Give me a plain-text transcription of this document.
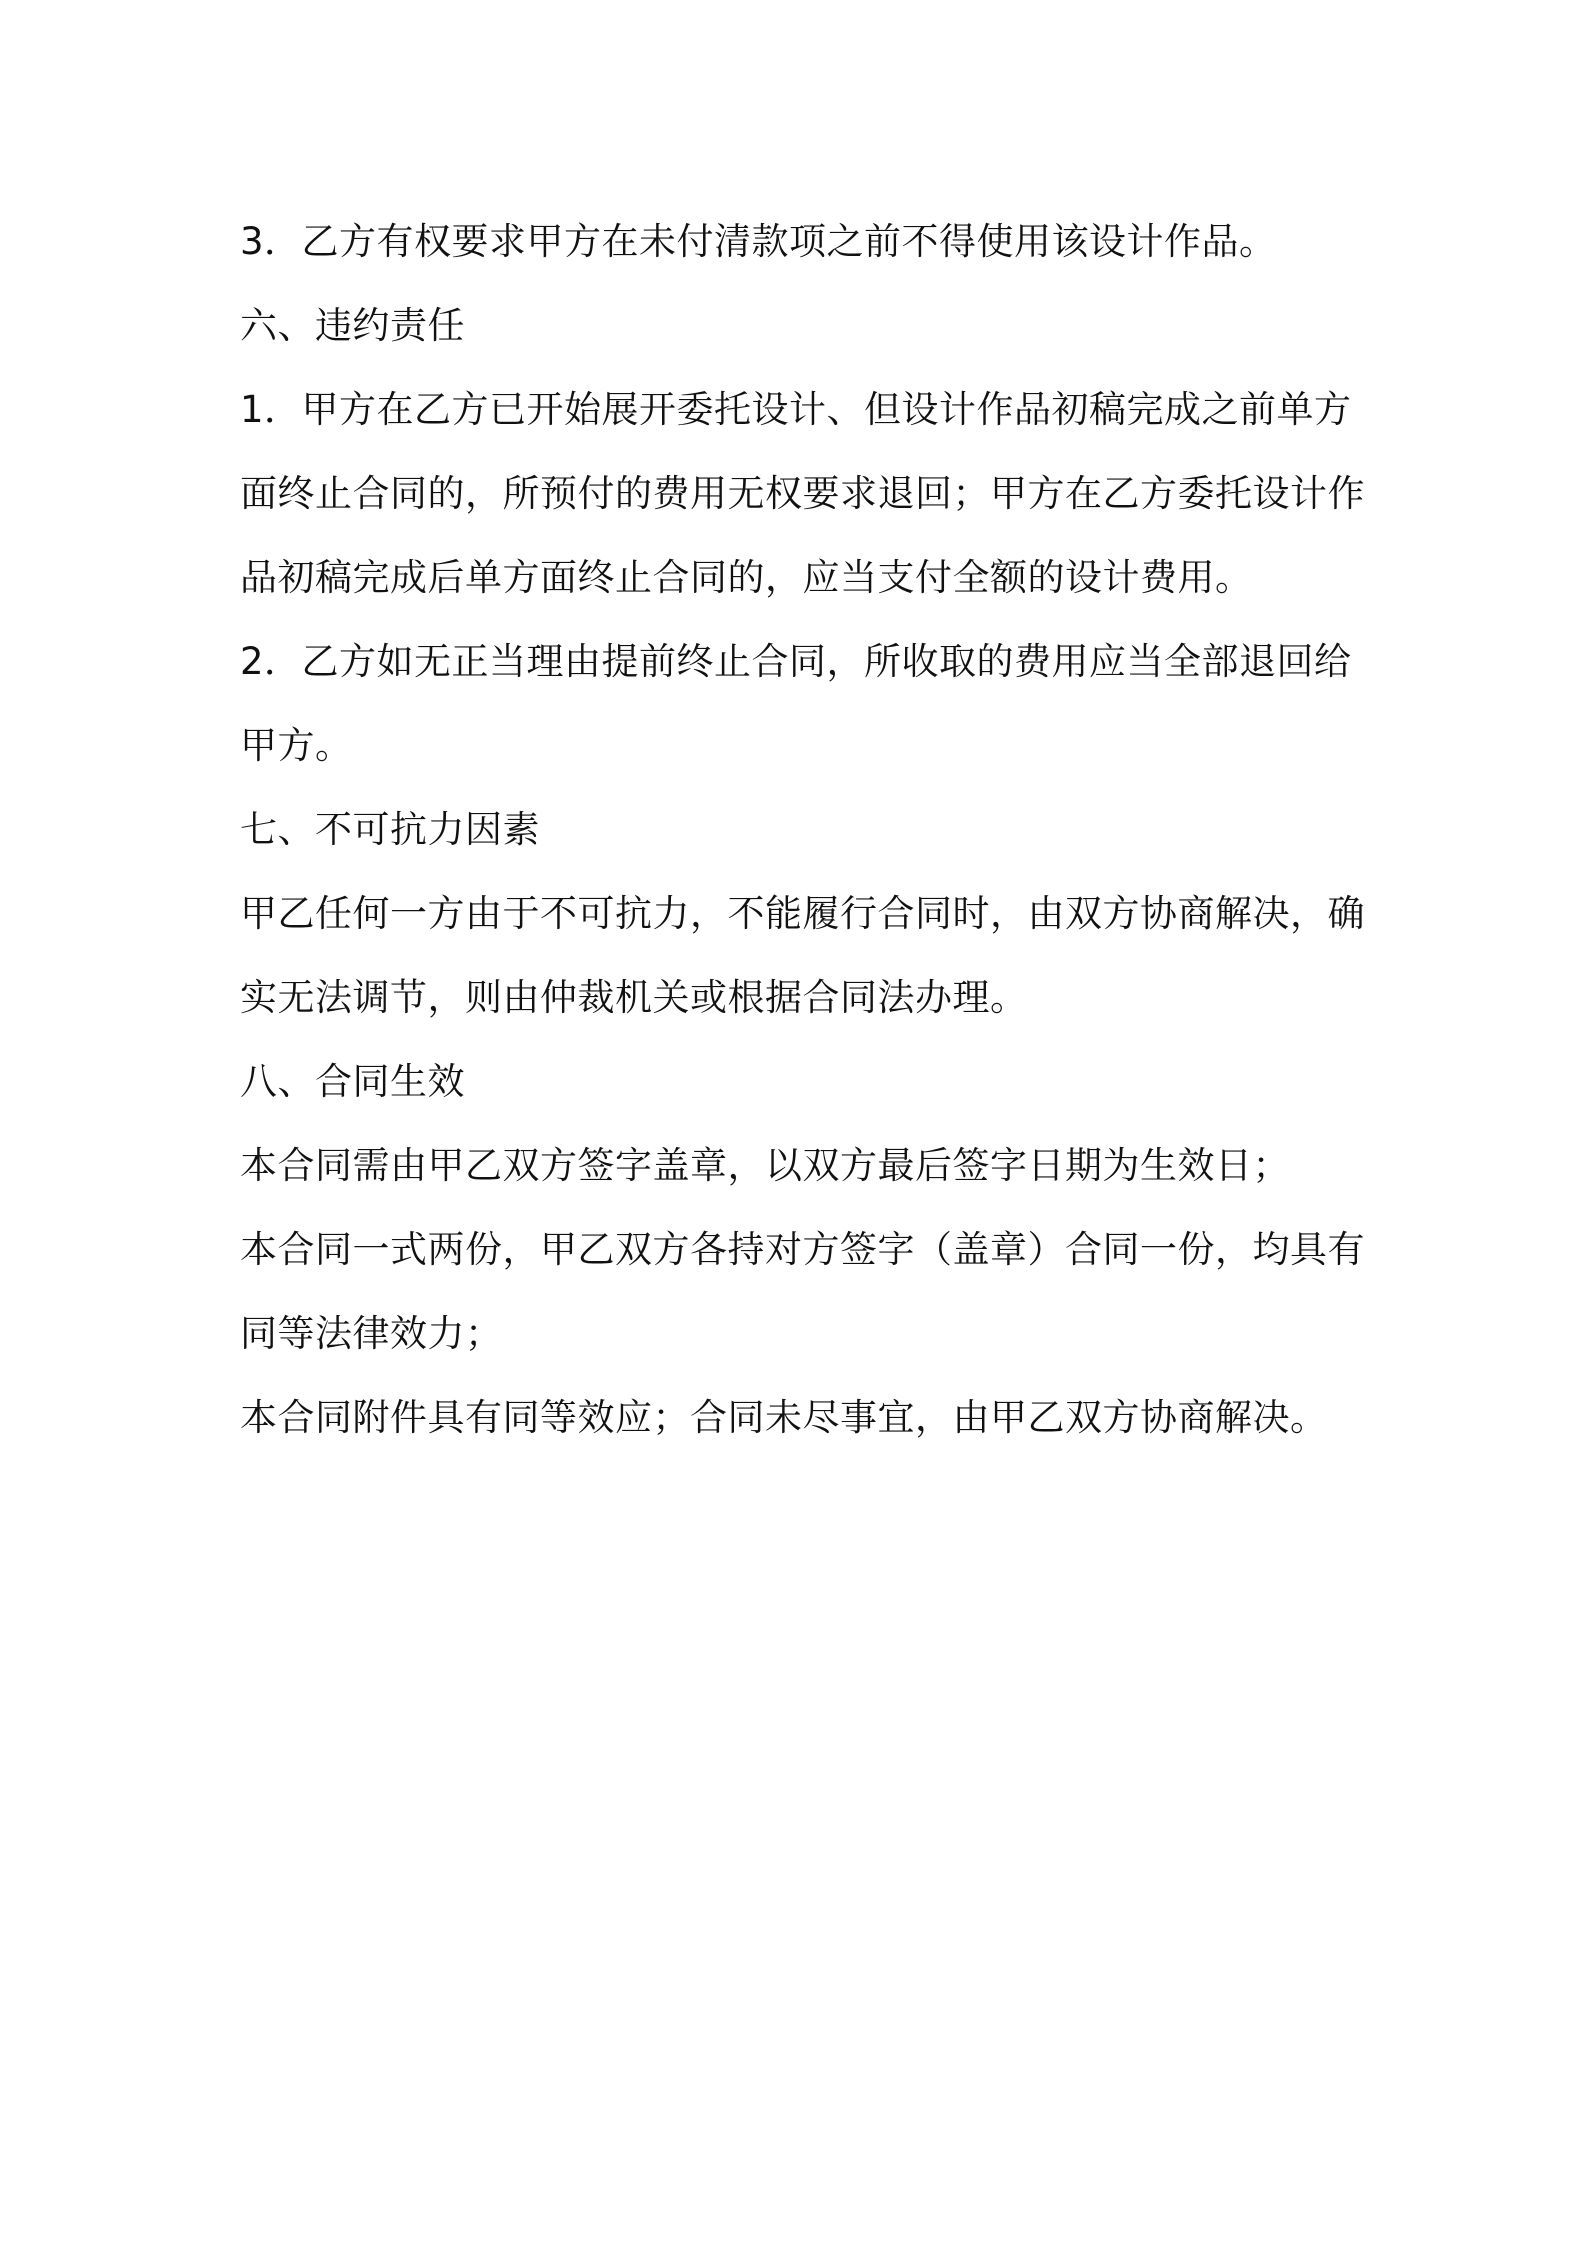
3．乙方有权要求甲方在未付清款项之前不得使用该设计作品。
六、违约责任
1．甲方在乙方已开始展开委托设计、但设计作品初稿完成之前单方
面终止合同的，所预付的费用无权要求退回；甲方在乙方委托设计作
品初稿完成后单方面终止合同的，应当支付全额的设计费用。
2．乙方如无正当理由提前终止合同，所收取的费用应当全部退回给
甲方。
七、不可抗力因素
甲乙任何一方由于不可抗力，不能履行合同时，由双方协商解决，确
实无法调节，则由仲裁机关或根据合同法办理。
八、合同生效
本合同需由甲乙双方签字盖章，以双方最后签字日期为生效日；
本合同一式两份，甲乙双方各持对方签字（盖章）合同一份，均具有
同等法律效力；
本合同附件具有同等效应；合同未尽事宜，由甲乙双方协商解决。
